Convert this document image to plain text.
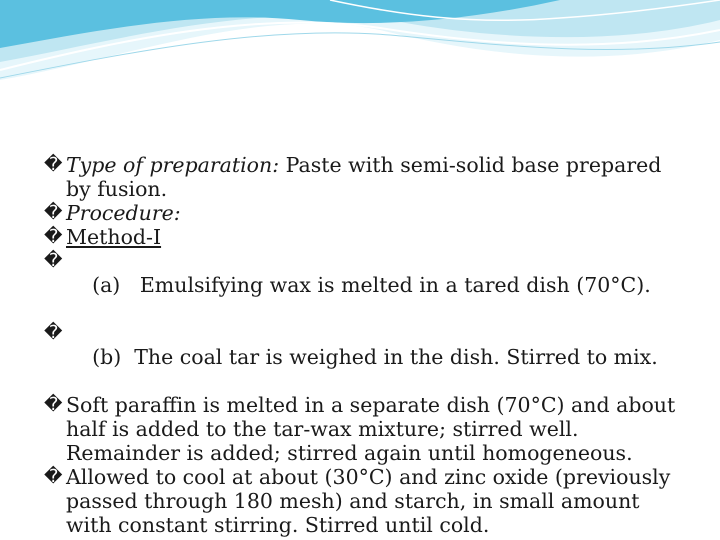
� Type of preparation: Paste with semi-solid base prepared by fusion.

� Procedure:

� Method-I

�
(a)   Emulsifying wax is melted in a tared dish (70°C).

�
(b)  The coal tar is weighed in the dish. Stirred to mix.

� Soft paraffin is melted in a separate dish (70°C) and about half is added to the tar-wax mixture; stirred well. Remainder is added; stirred again until homogeneous.

� Allowed to cool at about (30°C) and zinc oxide (previously passed through 180 mesh) and starch, in small amount with constant stirring. Stirred until cold.
